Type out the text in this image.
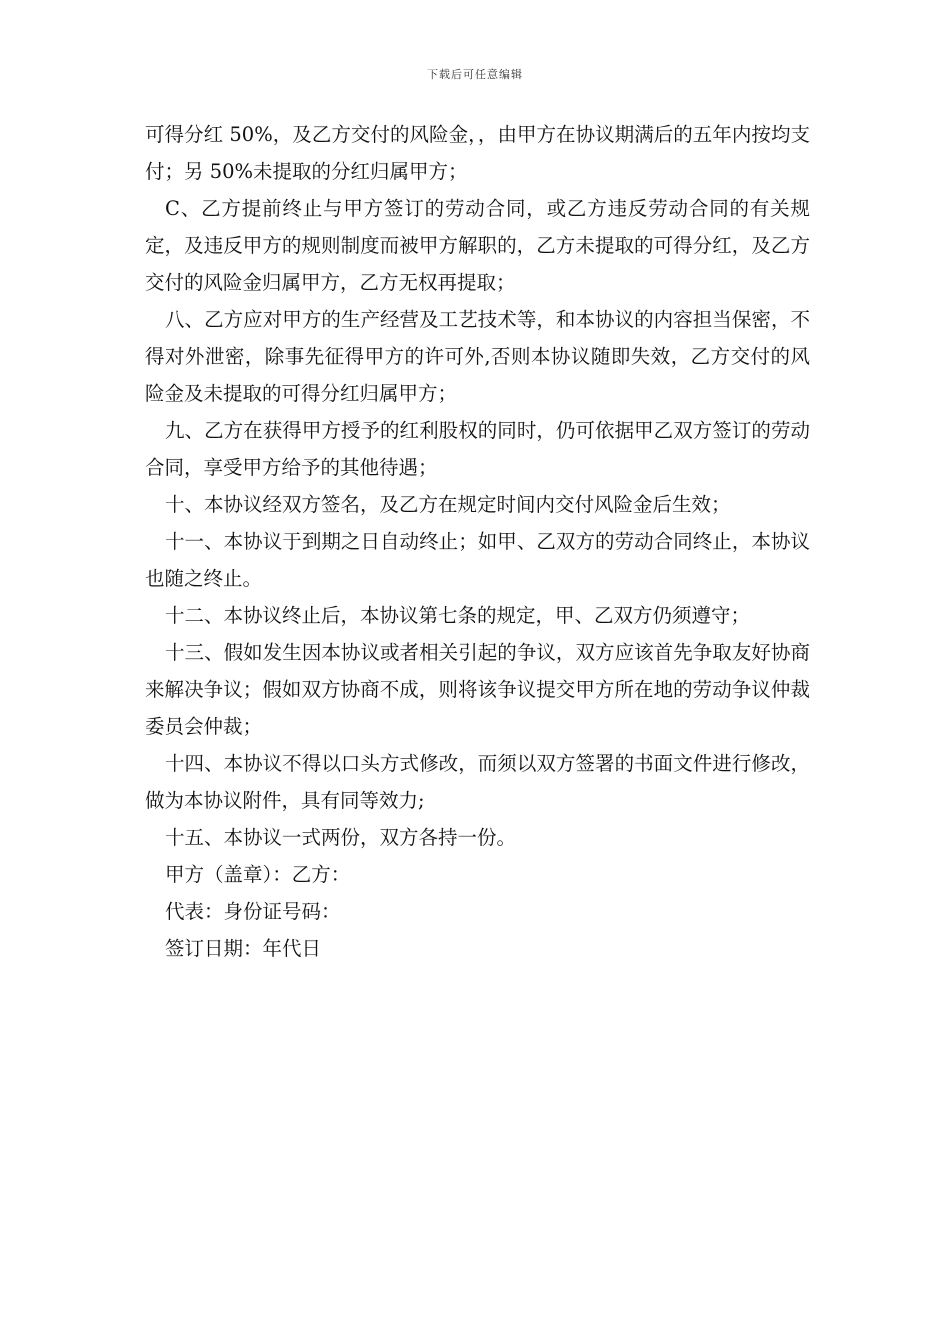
下载后可任意编辑

可得分红 50%，及乙方交付的风险金，，由甲方在协议期满后的五年内按均支付；另 50%未提取的分红归属甲方；

C、乙方提前终止与甲方签订的劳动合同，或乙方违反劳动合同的有关规定，及违反甲方的规则制度而被甲方解职的，乙方未提取的可得分红，及乙方交付的风险金归属甲方，乙方无权再提取；

八、乙方应对甲方的生产经营及工艺技术等，和本协议的内容担当保密，不得对外泄密，除事先征得甲方的许可外,否则本协议随即失效，乙方交付的风险金及未提取的可得分红归属甲方；

九、乙方在获得甲方授予的红利股权的同时，仍可依据甲乙双方签订的劳动合同，享受甲方给予的其他待遇；

十、本协议经双方签名，及乙方在规定时间内交付风险金后生效；

十一、本协议于到期之日自动终止；如甲、乙双方的劳动合同终止，本协议也随之终止。

十二、本协议终止后，本协议第七条的规定，甲、乙双方仍须遵守；

十三、假如发生因本协议或者相关引起的争议，双方应该首先争取友好协商来解决争议；假如双方协商不成，则将该争议提交甲方所在地的劳动争议仲裁委员会仲裁；

十四、本协议不得以口头方式修改，而须以双方签署的书面文件进行修改，做为本协议附件，具有同等效力;

十五、本协议一式两份，双方各持一份。

甲方（盖章）：乙方：

代表：身份证号码：

签订日期：年代日
